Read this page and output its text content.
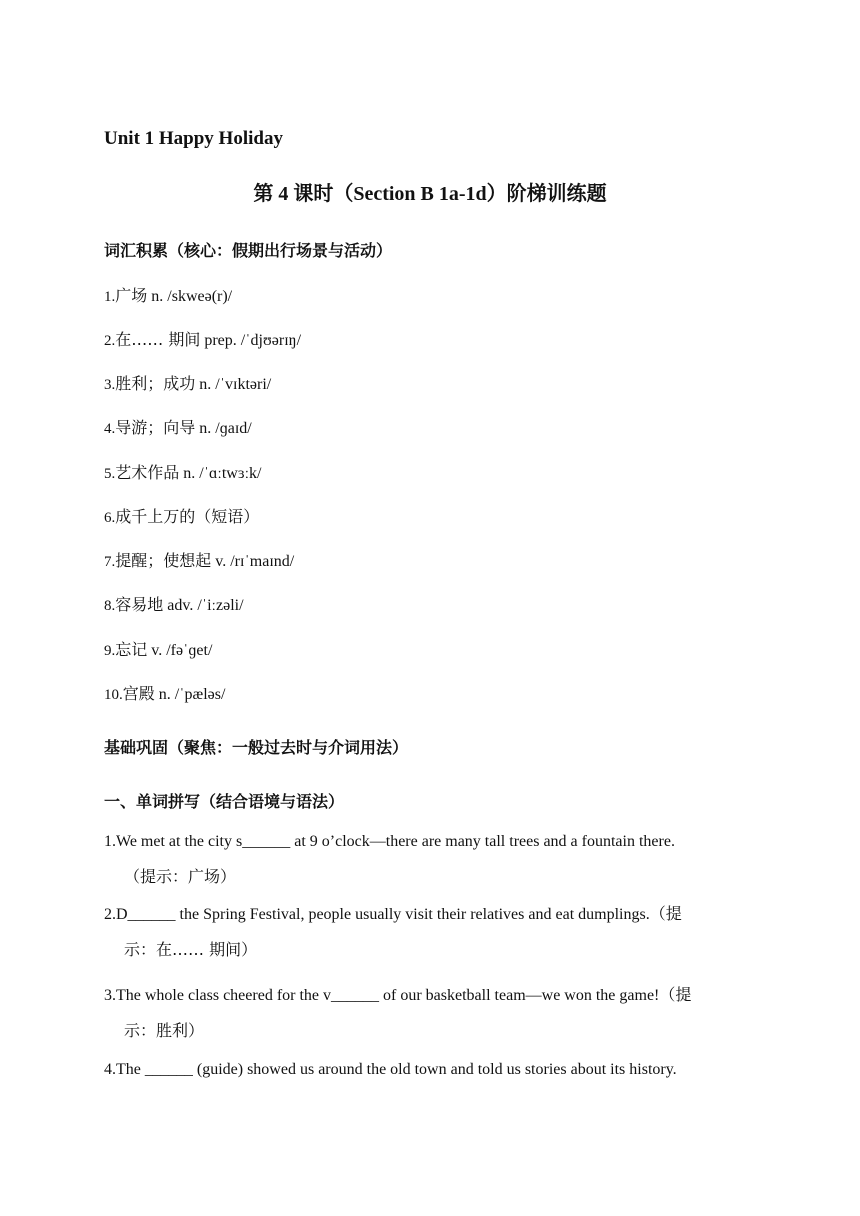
Unit 1 Happy Holiday
第 4 课时（Section B 1a-1d）阶梯训练题
词汇积累（核心：假期出行场景与活动）
1.广场 n. /skweə(r)/
2.在…… 期间 prep. /ˈdjʊərɪŋ/
3.胜利；成功 n. /ˈvɪktəri/
4.导游；向导 n. /ɡaɪd/
5.艺术作品 n. /ˈɑːtwɜːk/
6.成千上万的（短语）
7.提醒；使想起 v. /rɪˈmaɪnd/
8.容易地 adv. /ˈiːzəli/
9.忘记 v. /fəˈɡet/
10.宫殿 n. /ˈpæləs/
基础巩固（聚焦：一般过去时与介词用法）
一、单词拼写（结合语境与语法）
1.We met at the city s______ at 9 o’clock—there are many tall trees and a fountain there.
（提示：广场）
2.D______ the Spring Festival, people usually visit their relatives and eat dumplings.（提
示：在…… 期间）
3.The whole class cheered for the v______ of our basketball team—we won the game!（提
示：胜利）
4.The ______ (guide) showed us around the old town and told us stories about its history.
